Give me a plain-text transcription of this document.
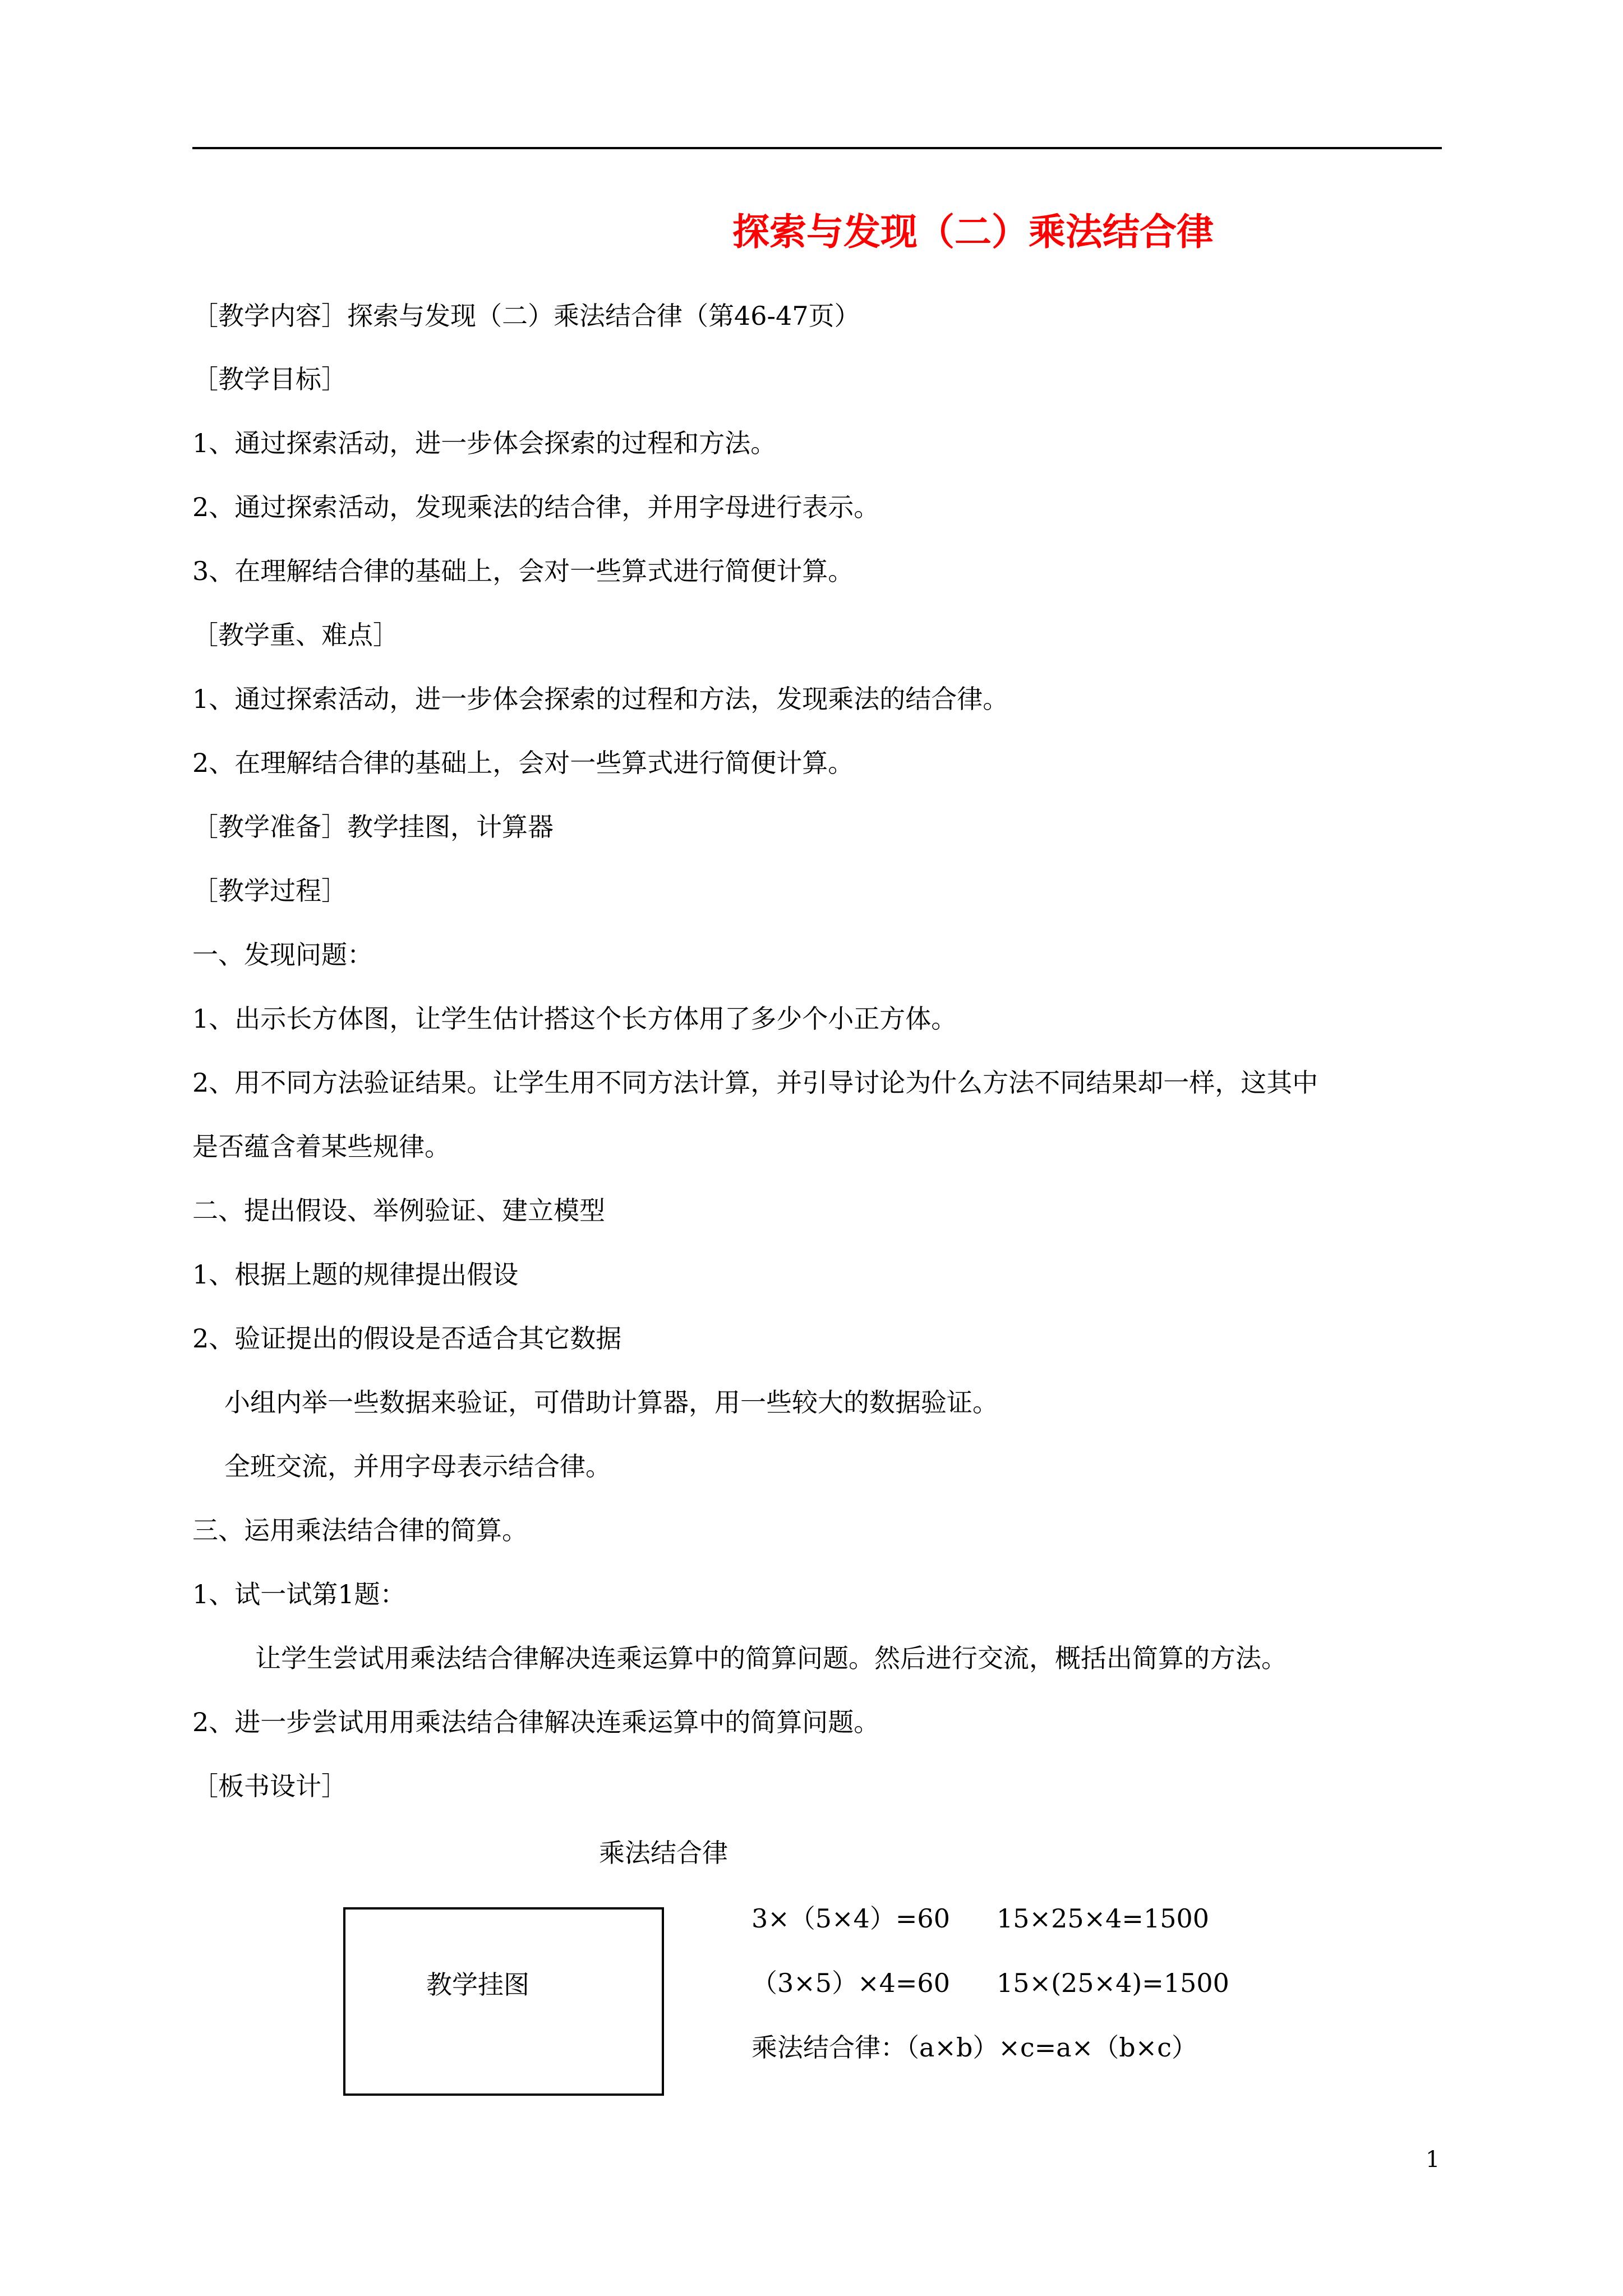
探索与发现（二）乘法结合律
［教学内容］探索与发现（二）乘法结合律（第46-47页）
［教学目标］
1、通过探索活动，进一步体会探索的过程和方法。
2、通过探索活动，发现乘法的结合律，并用字母进行表示。
3、在理解结合律的基础上，会对一些算式进行简便计算。
［教学重、难点］
1、通过探索活动，进一步体会探索的过程和方法，发现乘法的结合律。
2、在理解结合律的基础上，会对一些算式进行简便计算。
［教学准备］教学挂图，计算器
［教学过程］
一、发现问题：
1、出示长方体图，让学生估计搭这个长方体用了多少个小正方体。
2、用不同方法验证结果。让学生用不同方法计算，并引导讨论为什么方法不同结果却一样，这其中
是否蕴含着某些规律。
二、提出假设、举例验证、建立模型
1、根据上题的规律提出假设
2、验证提出的假设是否适合其它数据
小组内举一些数据来验证，可借助计算器，用一些较大的数据验证。
全班交流，并用字母表示结合律。
三、运用乘法结合律的简算。
1、试一试第1题：
让学生尝试用乘法结合律解决连乘运算中的简算问题。然后进行交流，概括出简算的方法。
2、进一步尝试用用乘法结合律解决连乘运算中的简算问题。
［板书设计］
乘法结合律
教学挂图
3×（5×4）=60 15×25×4=1500
（3×5）×4=60 15×(25×4)=1500
乘法结合律：（a×b）×c=a×（b×c）
1
